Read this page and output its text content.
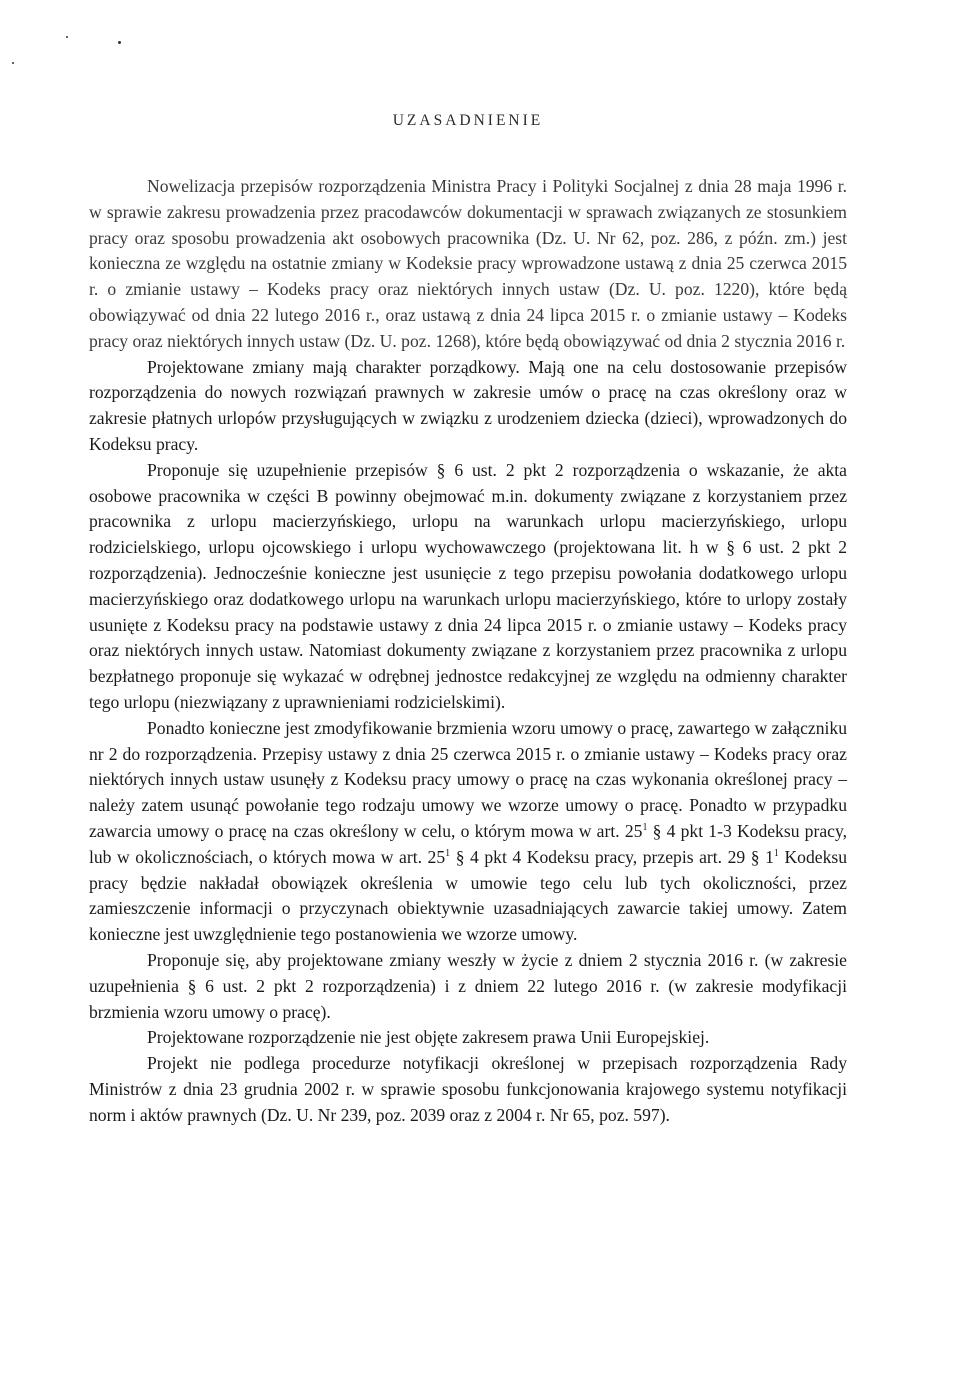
UZASADNIENIE

Nowelizacja przepisów rozporządzenia Ministra Pracy i Polityki Socjalnej z dnia 28 maja 1996 r. w sprawie zakresu prowadzenia przez pracodawców dokumentacji w sprawach związanych ze stosunkiem pracy oraz sposobu prowadzenia akt osobowych pracownika (Dz. U. Nr 62, poz. 286, z późn. zm.) jest konieczna ze względu na ostatnie zmiany w Kodeksie pracy wprowadzone ustawą z dnia 25 czerwca 2015 r. o zmianie ustawy – Kodeks pracy oraz niektórych innych ustaw (Dz. U. poz. 1220), które będą obowiązywać od dnia 22 lutego 2016 r., oraz ustawą z dnia 24 lipca 2015 r. o zmianie ustawy – Kodeks pracy oraz niektórych innych ustaw (Dz. U. poz. 1268), które będą obowiązywać od dnia 2 stycznia 2016 r.

Projektowane zmiany mają charakter porządkowy. Mają one na celu dostosowanie przepisów rozporządzenia do nowych rozwiązań prawnych w zakresie umów o pracę na czas określony oraz w zakresie płatnych urlopów przysługujących w związku z urodzeniem dziecka (dzieci), wprowadzonych do Kodeksu pracy.

Proponuje się uzupełnienie przepisów § 6 ust. 2 pkt 2 rozporządzenia o wskazanie, że akta osobowe pracownika w części B powinny obejmować m.in. dokumenty związane z korzystaniem przez pracownika z urlopu macierzyńskiego, urlopu na warunkach urlopu macierzyńskiego, urlopu rodzicielskiego, urlopu ojcowskiego i urlopu wychowawczego (projektowana lit. h w § 6 ust. 2 pkt 2 rozporządzenia). Jednocześnie konieczne jest usunięcie z tego przepisu powołania dodatkowego urlopu macierzyńskiego oraz dodatkowego urlopu na warunkach urlopu macierzyńskiego, które to urlopy zostały usunięte z Kodeksu pracy na podstawie ustawy z dnia 24 lipca 2015 r. o zmianie ustawy – Kodeks pracy oraz niektórych innych ustaw. Natomiast dokumenty związane z korzystaniem przez pracownika z urlopu bezpłatnego proponuje się wykazać w odrębnej jednostce redakcyjnej ze względu na odmienny charakter tego urlopu (niezwiązany z uprawnieniami rodzicielskimi).

Ponadto konieczne jest zmodyfikowanie brzmienia wzoru umowy o pracę, zawartego w załączniku nr 2 do rozporządzenia. Przepisy ustawy z dnia 25 czerwca 2015 r. o zmianie ustawy – Kodeks pracy oraz niektórych innych ustaw usunęły z Kodeksu pracy umowy o pracę na czas wykonania określonej pracy – należy zatem usunąć powołanie tego rodzaju umowy we wzorze umowy o pracę. Ponadto w przypadku zawarcia umowy o pracę na czas określony w celu, o którym mowa w art. $25^1$ § 4 pkt 1-3 Kodeksu pracy, lub w okolicznościach, o których mowa w art. $25^1$ § 4 pkt 4 Kodeksu pracy, przepis art. 29 § $1^1$ Kodeksu pracy będzie nakładał obowiązek określenia w umowie tego celu lub tych okoliczności, przez zamieszczenie informacji o przyczynach obiektywnie uzasadniających zawarcie takiej umowy. Zatem konieczne jest uwzględnienie tego postanowienia we wzorze umowy.

Proponuje się, aby projektowane zmiany weszły w życie z dniem 2 stycznia 2016 r. (w zakresie uzupełnienia § 6 ust. 2 pkt 2 rozporządzenia) i z dniem 22 lutego 2016 r. (w zakresie modyfikacji brzmienia wzoru umowy o pracę).

Projektowane rozporządzenie nie jest objęte zakresem prawa Unii Europejskiej.

Projekt nie podlega procedurze notyfikacji określonej w przepisach rozporządzenia Rady Ministrów z dnia 23 grudnia 2002 r. w sprawie sposobu funkcjonowania krajowego systemu notyfikacji norm i aktów prawnych (Dz. U. Nr 239, poz. 2039 oraz z 2004 r. Nr 65, poz. 597).
